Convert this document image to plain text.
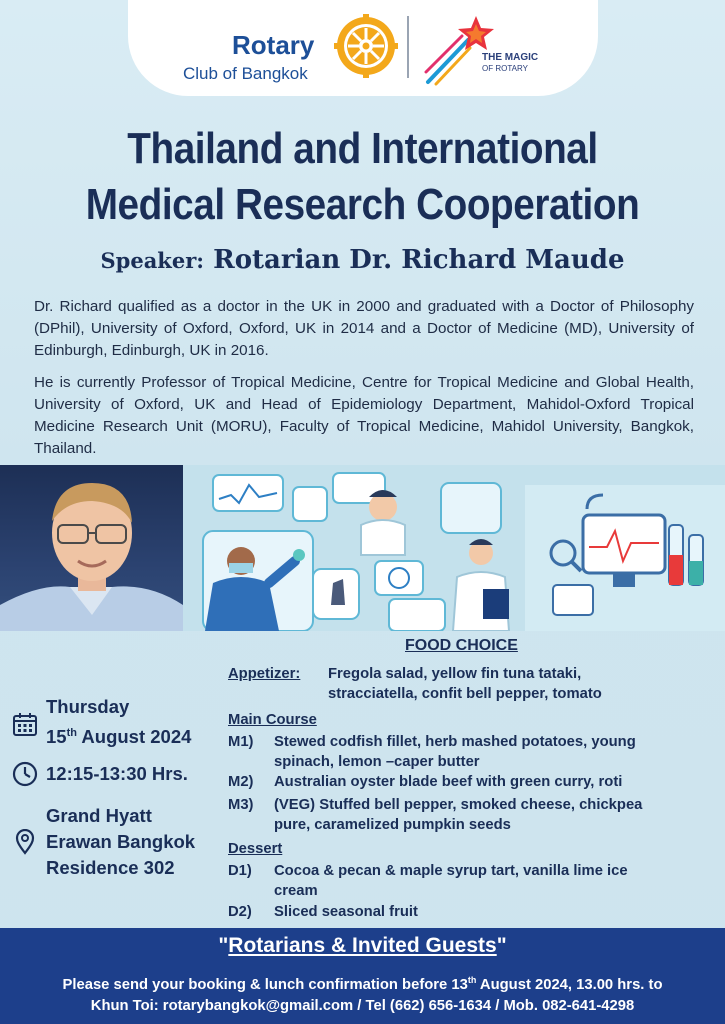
Rotary
Club of Bangkok
THE MAGIC
OF ROTARY
Thailand and International
Medical Research Cooperation
Speaker: Rotarian Dr. Richard Maude

Dr. Richard qualified as a doctor in the UK in 2000 and graduated with a Doctor of Philosophy (DPhil), University of Oxford, Oxford, UK in 2014 and a Doctor of Medicine (MD), University of Edinburgh, Edinburgh, UK in 2016.

He is currently Professor of Tropical Medicine, Centre for Tropical Medicine and Global Health, University of Oxford, UK and Head of Epidemiology Department, Mahidol-Oxford Tropical Medicine Research Unit (MORU), Faculty of Tropical Medicine, Mahidol University, Bangkok, Thailand.

Thursday
15th August 2024
12:15-13:30 Hrs.
Grand Hyatt
Erawan Bangkok
Residence 302
FOOD CHOICE
Appetizer: Fregola salad, yellow fin tuna tataki,
stracciatella, confit bell pepper, tomato
Main Course
M1) Stewed codfish fillet, herb mashed potatoes, young
spinach, lemon –caper butter
M2) Australian oyster blade beef with green curry, roti
M3) (VEG) Stuffed bell pepper, smoked cheese, chickpea
pure, caramelized pumpkin seeds
Dessert
D1) Cocoa & pecan & maple syrup tart, vanilla lime ice
cream
D2) Sliced seasonal fruit
"Rotarians & Invited Guests"
Please send your booking & lunch confirmation before 13th August 2024, 13.00 hrs. to
Khun Toi: rotarybangkok@gmail.com / Tel (662) 656-1634 / Mob. 082-641-4298
